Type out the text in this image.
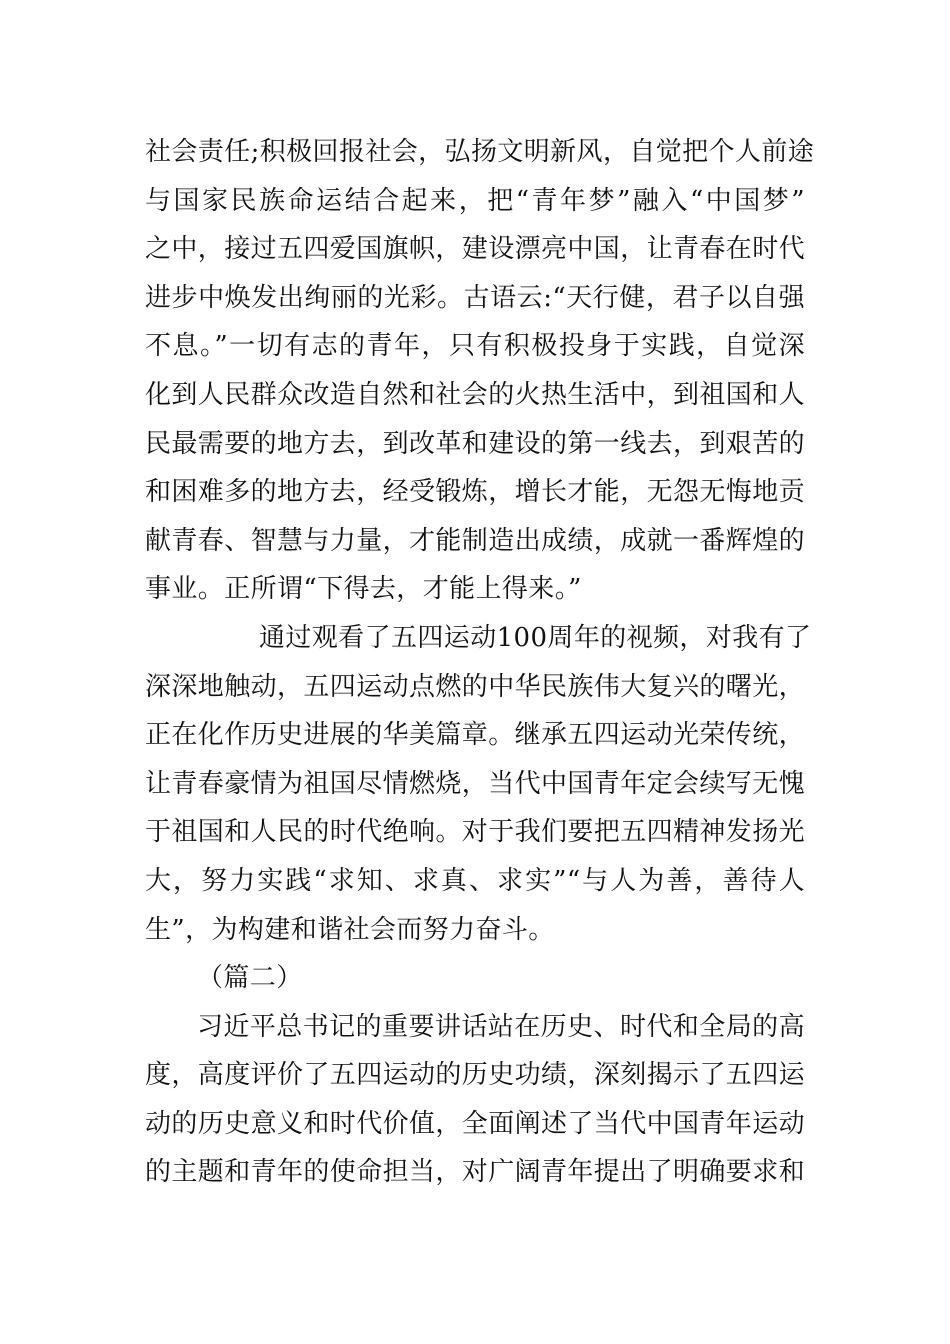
社会责任;积极回报社会，弘扬文明新风，自觉把个人前途
与国家民族命运结合起来，把“青年梦”融入“中国梦”
之中，接过五四爱国旗帜，建设漂亮中国，让青春在时代
进步中焕发出绚丽的光彩。古语云:“天行健，君子以自强
不息。”一切有志的青年，只有积极投身于实践，自觉深
化到人民群众改造自然和社会的火热生活中，到祖国和人
民最需要的地方去，到改革和建设的第一线去，到艰苦的
和困难多的地方去，经受锻炼，增长才能，无怨无悔地贡
献青春、智慧与力量，才能制造出成绩，成就一番辉煌的
事业。正所谓“下得去，才能上得来。”
通过观看了五四运动100周年的视频，对我有了
深深地触动，五四运动点燃的中华民族伟大复兴的曙光，
正在化作历史进展的华美篇章。继承五四运动光荣传统，
让青春豪情为祖国尽情燃烧，当代中国青年定会续写无愧
于祖国和人民的时代绝响。对于我们要把五四精神发扬光
大，努力实践“求知、求真、求实”“与人为善，善待人
生”，为构建和谐社会而努力奋斗。
（篇二）
习近平总书记的重要讲话站在历史、时代和全局的高
度，高度评价了五四运动的历史功绩，深刻揭示了五四运
动的历史意义和时代价值，全面阐述了当代中国青年运动
的主题和青年的使命担当，对广阔青年提出了明确要求和
